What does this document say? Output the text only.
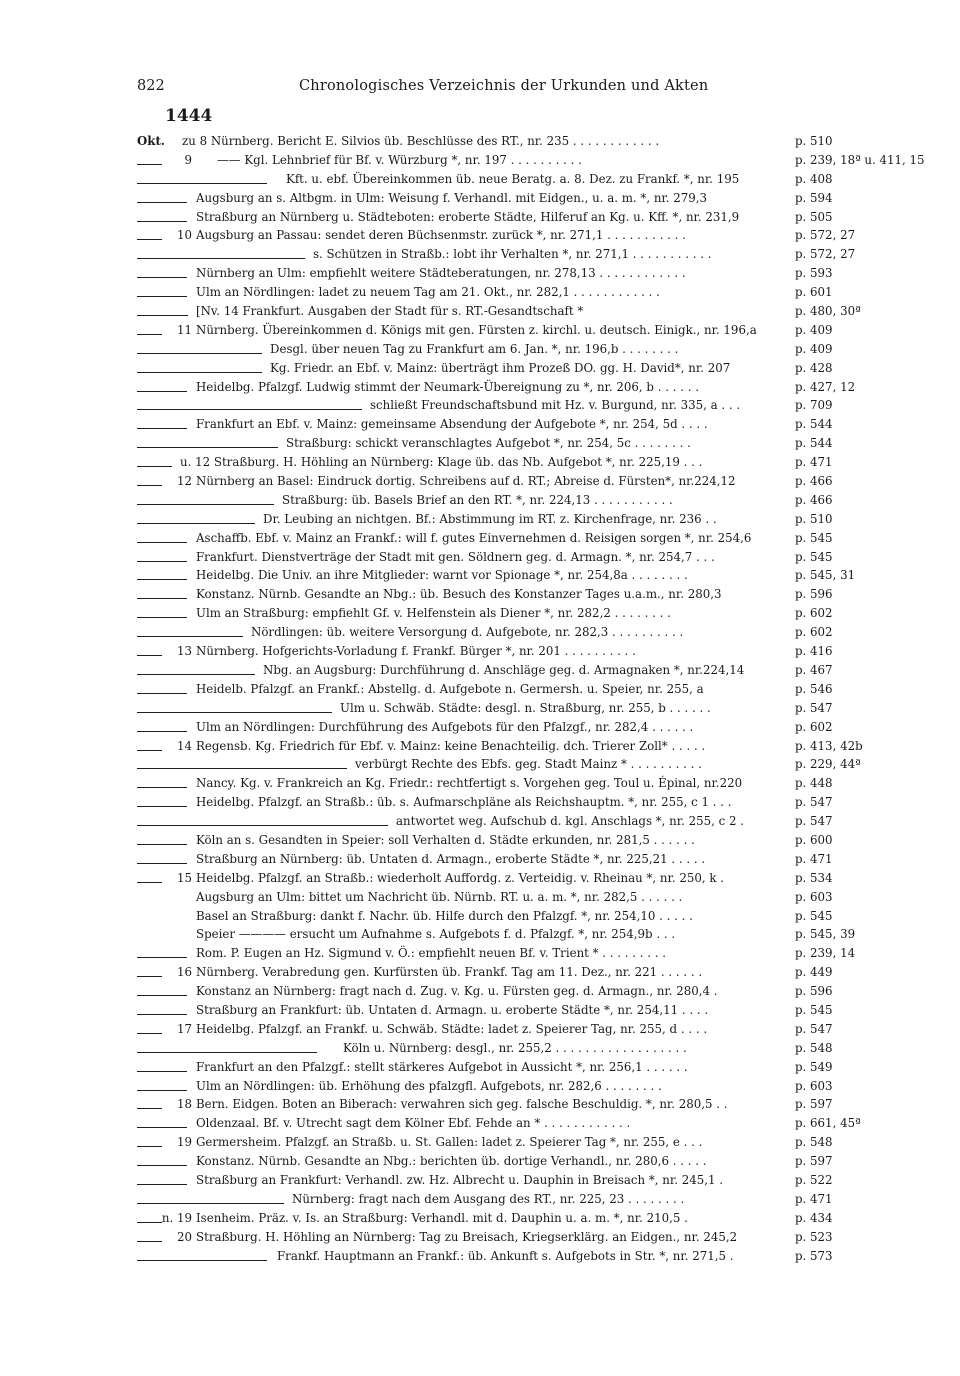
822	Chronologisches Verzeichnis der Urkunden und Akten
1444
Okt. zu 8 Nürnberg. Bericht E. Silvios üb. Beschlüsse des RT., nr. 235 . . . . . . . . . . . .	p. 510
9 —— Kgl. Lehnbrief für Bf. v. Würzburg *, nr. 197 . . . . . . . . . .	p. 239, 18ª u. 411, 15
Kft. u. ebf. Übereinkommen üb. neue Beratg. a. 8. Dez. zu Frankf. *, nr. 195	p. 408
Augsburg an s. Altbgm. in Ulm: Weisung f. Verhandl. mit Eidgen., u. a. m. *, nr. 279,3	p. 594
Straßburg an Nürnberg u. Städteboten: eroberte Städte, Hilferuf an Kg. u. Kff. *, nr. 231,9	p. 505
10 Augsburg an Passau: sendet deren Büchsenmstr. zurück *, nr. 271,1 . . . . . . . . . . .	p. 572, 27
s. Schützen in Straßb.: lobt ihr Verhalten *, nr. 271,1 . . . . . . . . . . .	p. 572, 27
Nürnberg an Ulm: empfiehlt weitere Städteberatungen, nr. 278,13 . . . . . . . . . . . .	p. 593
Ulm an Nördlingen: ladet zu neuem Tag am 21. Okt., nr. 282,1 . . . . . . . . . . . .	p. 601
[Nv. 14 Frankfurt. Ausgaben der Stadt für s. RT.-Gesandtschaft *	p. 480, 30ª
11 Nürnberg. Übereinkommen d. Königs mit gen. Fürsten z. kirchl. u. deutsch. Einigk., nr. 196,a	p. 409
Desgl. über neuen Tag zu Frankfurt am 6. Jan. *, nr. 196,b . . . . . . . .	p. 409
Kg. Friedr. an Ebf. v. Mainz: überträgt ihm Prozeß DO. gg. H. David*, nr. 207	p. 428
Heidelbg. Pfalzgf. Ludwig stimmt der Neumark-Übereignung zu *, nr. 206, b . . . . . .	p. 427, 12
schließt Freundschaftsbund mit Hz. v. Burgund, nr. 335, a . . .	p. 709
Frankfurt an Ebf. v. Mainz: gemeinsame Absendung der Aufgebote *, nr. 254, 5d . . . .	p. 544
Straßburg: schickt veranschlagtes Aufgebot *, nr. 254, 5c . . . . . . . .	p. 544
u. 12 Straßburg. H. Höhling an Nürnberg: Klage üb. das Nb. Aufgebot *, nr. 225,19 . . .	p. 471
12 Nürnberg an Basel: Eindruck dortig. Schreibens auf d. RT.; Abreise d. Fürsten*, nr.224,12	p. 466
Straßburg: üb. Basels Brief an den RT. *, nr. 224,13 . . . . . . . . . . .	p. 466
Dr. Leubing an nichtgen. Bf.: Abstimmung im RT. z. Kirchenfrage, nr. 236 . .	p. 510
Aschaffb. Ebf. v. Mainz an Frankf.: will f. gutes Einvernehmen d. Reisigen sorgen *, nr. 254,6	p. 545
Frankfurt. Dienstverträge der Stadt mit gen. Söldnern geg. d. Armagn. *, nr. 254,7 . . .	p. 545
Heidelbg. Die Univ. an ihre Mitglieder: warnt vor Spionage *, nr. 254,8a . . . . . . . .	p. 545, 31
Konstanz. Nürnb. Gesandte an Nbg.: üb. Besuch des Konstanzer Tages u.a.m., nr. 280,3	p. 596
Ulm an Straßburg: empfiehlt Gf. v. Helfenstein als Diener *, nr. 282,2 . . . . . . . .	p. 602
Nördlingen: üb. weitere Versorgung d. Aufgebote, nr. 282,3 . . . . . . . . . .	p. 602
13 Nürnberg. Hofgerichts-Vorladung f. Frankf. Bürger *, nr. 201 . . . . . . . . . .	p. 416
Nbg. an Augsburg: Durchführung d. Anschläge geg. d. Armagnaken *, nr.224,14	p. 467
Heidelb. Pfalzgf. an Frankf.: Abstellg. d. Aufgebote n. Germersh. u. Speier, nr. 255, a	p. 546
Ulm u. Schwäb. Städte: desgl. n. Straßburg, nr. 255, b . . . . . .	p. 547
Ulm an Nördlingen: Durchführung des Aufgebots für den Pfalzgf., nr. 282,4 . . . . . .	p. 602
14 Regensb. Kg. Friedrich für Ebf. v. Mainz: keine Benachteilig. dch. Trierer Zoll* . . . . .	p. 413, 42b
verbürgt Rechte des Ebfs. geg. Stadt Mainz * . . . . . . . . . .	p. 229, 44ª
Nancy. Kg. v. Frankreich an Kg. Friedr.: rechtfertigt s. Vorgehen geg. Toul u. Épinal, nr.220	p. 448
Heidelbg. Pfalzgf. an Straßb.: üb. s. Aufmarschpläne als Reichshauptm. *, nr. 255, c 1 . . .	p. 547
antwortet weg. Aufschub d. kgl. Anschlags *, nr. 255, c 2 .	p. 547
Köln an s. Gesandten in Speier: soll Verhalten d. Städte erkunden, nr. 281,5 . . . . . .	p. 600
Straßburg an Nürnberg: üb. Untaten d. Armagn., eroberte Städte *, nr. 225,21 . . . . .	p. 471
15 Heidelbg. Pfalzgf. an Straßb.: wiederholt Auffordg. z. Verteidig. v. Rheinau *, nr. 250, k .	p. 534
Augsburg an Ulm: bittet um Nachricht üb. Nürnb. RT. u. a. m. *, nr. 282,5 . . . . . .	p. 603
Basel an Straßburg: dankt f. Nachr. üb. Hilfe durch den Pfalzgf. *, nr. 254,10 . . . . .	p. 545
Speier ———— ersucht um Aufnahme s. Aufgebots f. d. Pfalzgf. *, nr. 254,9b . . .	p. 545, 39
Rom. P. Eugen an Hz. Sigmund v. Ö.: empfiehlt neuen Bf. v. Trient * . . . . . . . . .	p. 239, 14
16 Nürnberg. Verabredung gen. Kurfürsten üb. Frankf. Tag am 11. Dez., nr. 221 . . . . . .	p. 449
Konstanz an Nürnberg: fragt nach d. Zug. v. Kg. u. Fürsten geg. d. Armagn., nr. 280,4 .	p. 596
Straßburg an Frankfurt: üb. Untaten d. Armagn. u. eroberte Städte *, nr. 254,11 . . . .	p. 545
17 Heidelbg. Pfalzgf. an Frankf. u. Schwäb. Städte: ladet z. Speierer Tag, nr. 255, d . . . .	p. 547
Köln u. Nürnberg: desgl., nr. 255,2 . . . . . . . . . . . . . . . . . .	p. 548
Frankfurt an den Pfalzgf.: stellt stärkeres Aufgebot in Aussicht *, nr. 256,1 . . . . . .	p. 549
Ulm an Nördlingen: üb. Erhöhung des pfalzgfl. Aufgebots, nr. 282,6 . . . . . . . .	p. 603
18 Bern. Eidgen. Boten an Biberach: verwahren sich geg. falsche Beschuldig. *, nr. 280,5 . .	p. 597
Oldenzaal. Bf. v. Utrecht sagt dem Kölner Ebf. Fehde an * . . . . . . . . . . . .	p. 661, 45ª
19 Germersheim. Pfalzgf. an Straßb. u. St. Gallen: ladet z. Speierer Tag *, nr. 255, e . . .	p. 548
Konstanz. Nürnb. Gesandte an Nbg.: berichten üb. dortige Verhandl., nr. 280,6 . . . . .	p. 597
Straßburg an Frankfurt: Verhandl. zw. Hz. Albrecht u. Dauphin in Breisach *, nr. 245,1 .	p. 522
Nürnberg: fragt nach dem Ausgang des RT., nr. 225, 23 . . . . . . . .	p. 471
n. 19 Isenheim. Präz. v. Is. an Straßburg: Verhandl. mit d. Dauphin u. a. m. *, nr. 210,5 .	p. 434
20 Straßburg. H. Höhling an Nürnberg: Tag zu Breisach, Kriegserklärg. an Eidgen., nr. 245,2	p. 523
Frankf. Hauptmann an Frankf.: üb. Ankunft s. Aufgebots in Str. *, nr. 271,5 .	p. 573
